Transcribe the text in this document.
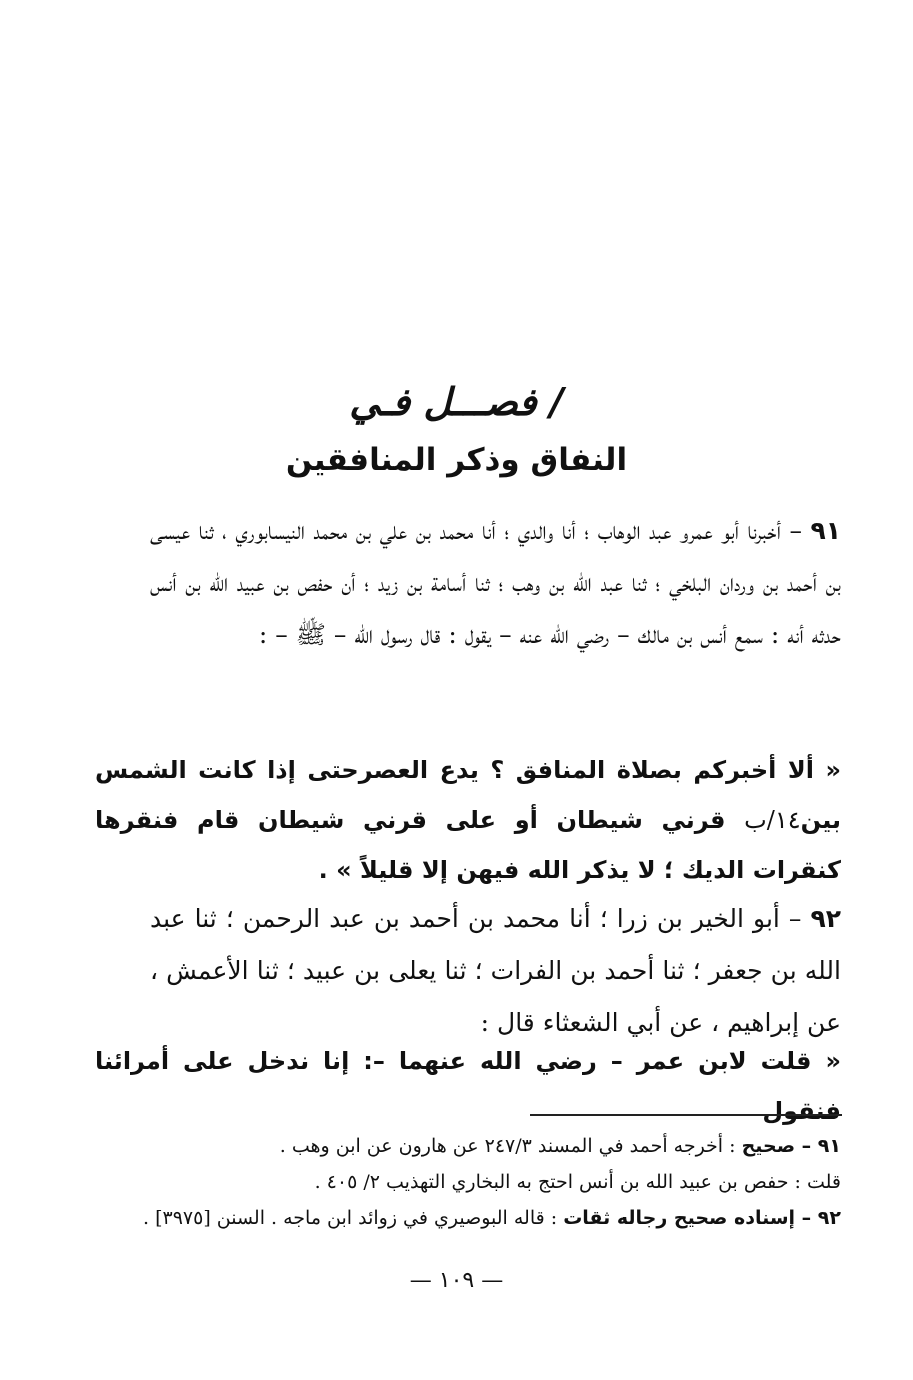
فصـــل فـي /
النفاق وذكر المنافقين
٩١ – أخبرنا أبو عمرو عبد الوهاب ؛ أنا والدي ؛ أنا محمد بن علي بن محمد النيسابوري ، ثنا عيسى بن أحمد بن وردان البلخي ؛ ثنا عبد الله بن وهب ؛ ثنا أسامة بن زيد ؛ أن حفص بن عبيد الله بن أنس حدثه أنه : سمع أنس بن مالك – رضي الله عنه – يقول : قال رسول الله – ﷺ – :
« ألا أخبركم بصلاة المنافق ؟ يدع العصرحتى إذا كانت الشمس بين١٤/ب قرني شيطان أو على قرني شيطان قام فنقرها كنقرات الديك ؛ لا يذكر الله فيهن إلا قليلاً » .
٩٢ – أبو الخير بن زرا ؛ أنا محمد بن أحمد بن عبد الرحمن ؛ ثنا عبد الله بن جعفر ؛ ثنا أحمد بن الفرات ؛ ثنا يعلى بن عبيد ؛ ثنا الأعمش ، عن إبراهيم ، عن أبي الشعثاء قال :
« قلت لابن عمر – رضي الله عنهما –: إنا ندخل على أمرائنا فنقول
٩١ – صحيح : أخرجه أحمد في المسند ٢٤٧/٣ عن هارون عن ابن وهب .
قلت : حفص بن عبيد الله بن أنس احتج به البخاري التهذيب ٢/ ٤٠٥ .
٩٢ – إسناده صحيح رجاله ثقات : قاله البوصيري في زوائد ابن ماجه . السنن [٣٩٧٥] .
— ١٠٩ —
